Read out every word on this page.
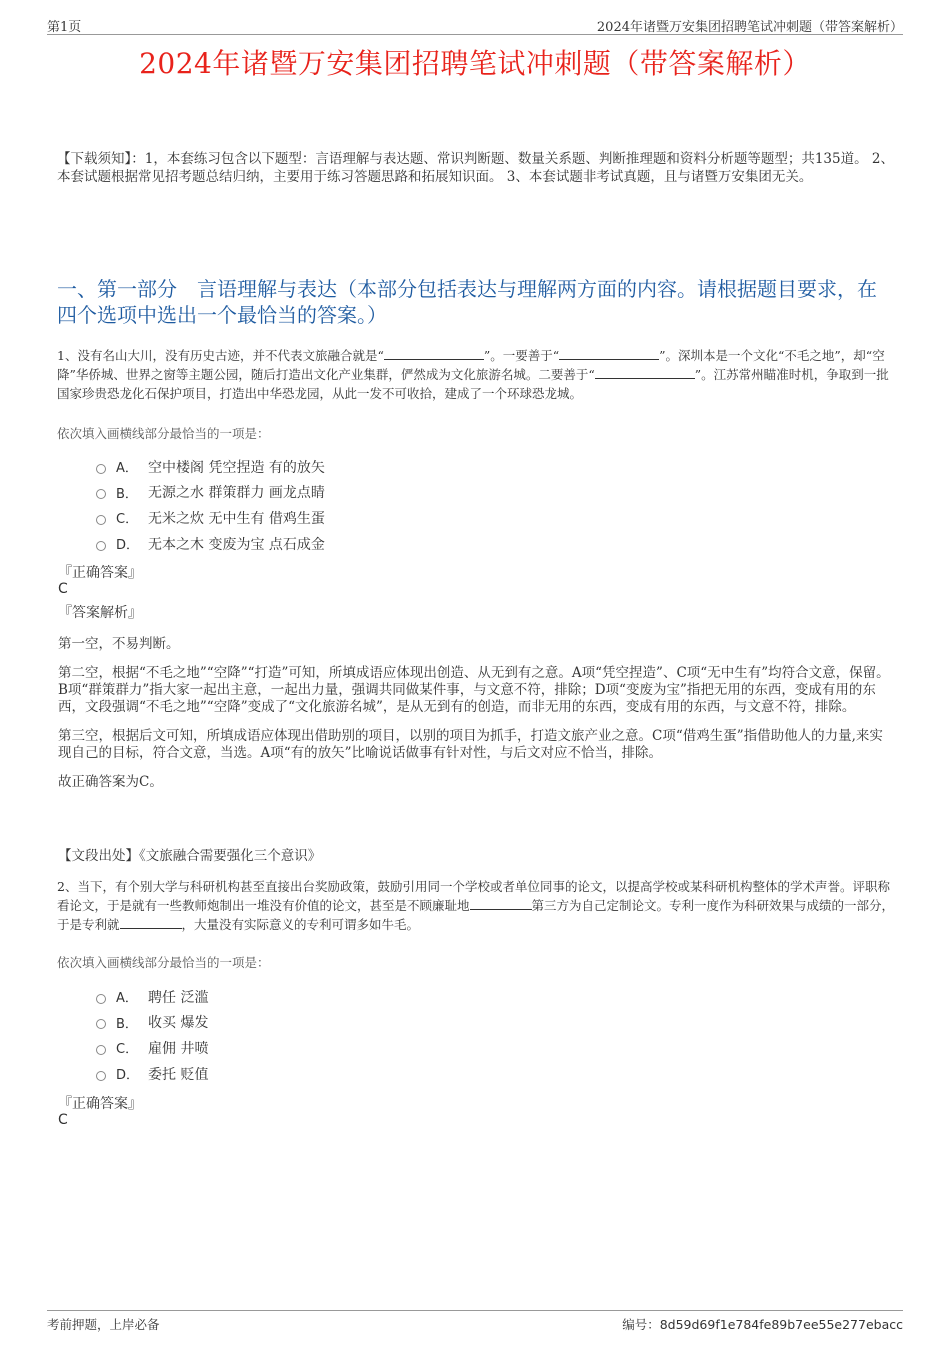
第1页	2024年诸暨万安集团招聘笔试冲刺题（带答案解析）
2024年诸暨万安集团招聘笔试冲刺题（带答案解析）
【下载须知】：1，本套练习包含以下题型：言语理解与表达题、常识判断题、数量关系题、判断推理题和资料分析题等题型；共135道。 2、本套试题根据常见招考题总结归纳，主要用于练习答题思路和拓展知识面。 3、本套试题非考试真题，且与诸暨万安集团无关。
一、第一部分　言语理解与表达（本部分包括表达与理解两方面的内容。请根据题目要求，在四个选项中选出一个最恰当的答案。）
1、没有名山大川，没有历史古迹，并不代表文旅融合就是“	”。一要善于“	”。深圳本是一个文化“不毛之地”，却“空降”华侨城、世界之窗等主题公园，随后打造出文化产业集群，俨然成为文化旅游名城。二要善于“	”。江苏常州瞄准时机，争取到一批国家珍贵恐龙化石保护项目，打造出中华恐龙园，从此一发不可收拾，建成了一个环球恐龙城。
依次填入画横线部分最恰当的一项是：
A． 空中楼阁 凭空捏造 有的放矢
B． 无源之水 群策群力 画龙点睛
C． 无米之炊 无中生有 借鸡生蛋
D． 无本之木 变废为宝 点石成金
『正确答案』
C
『答案解析』

第一空，不易判断。

第二空，根据“不毛之地”“空降”“打造”可知，所填成语应体现出创造、从无到有之意。A项“凭空捏造”、C项“无中生有”均符合文意，保留。B项“群策群力”指大家一起出主意，一起出力量，强调共同做某件事，与文意不符，排除；D项“变废为宝”指把无用的东西，变成有用的东西，文段强调“不毛之地”“空降”变成了“文化旅游名城”，是从无到有的创造，而非无用的东西，变成有用的东西，与文意不符，排除。

第三空，根据后文可知，所填成语应体现出借助别的项目，以别的项目为抓手，打造文旅产业之意。C项“借鸡生蛋”指借助他人的力量,来实现自己的目标，符合文意，当选。A项“有的放矢”比喻说话做事有针对性，与后文对应不恰当，排除。

故正确答案为C。

【文段出处】《文旅融合需要强化三个意识》
2、当下，有个别大学与科研机构甚至直接出台奖励政策，鼓励引用同一个学校或者单位同事的论文，以提高学校或某科研机构整体的学术声誉。评职称看论文，于是就有一些教师炮制出一堆没有价值的论文，甚至是不顾廉耻地	第三方为自己定制论文。专利一度作为科研效果与成绩的一部分，于是专利就	，大量没有实际意义的专利可谓多如牛毛。
依次填入画横线部分最恰当的一项是：
A． 聘任 泛滥
B． 收买 爆发
C． 雇佣 井喷
D． 委托 贬值
『正确答案』
C
考前押题，上岸必备	编号：8d59d69f1e784fe89b7ee55e277ebacc
